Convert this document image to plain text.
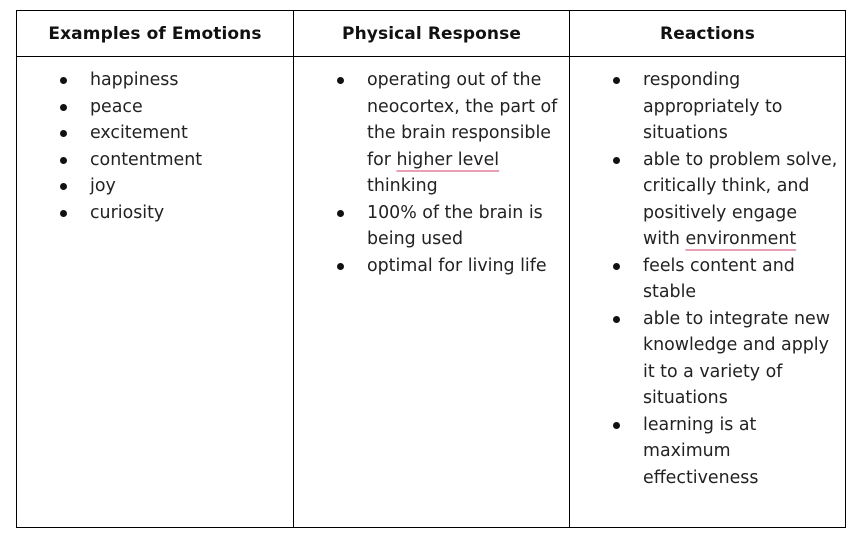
Examples of Emotions	Physical Response	Reactions
happiness
peace
excitement
contentment
joy
curiosity
operating out of the neocortex, the part of the brain responsible for higher level thinking
100% of the brain is being used
optimal for living life
responding appropriately to situations
able to problem solve, critically think, and positively engage with environment
feels content and stable
able to integrate new knowledge and apply it to a variety of situations
learning is at maximum effectiveness
